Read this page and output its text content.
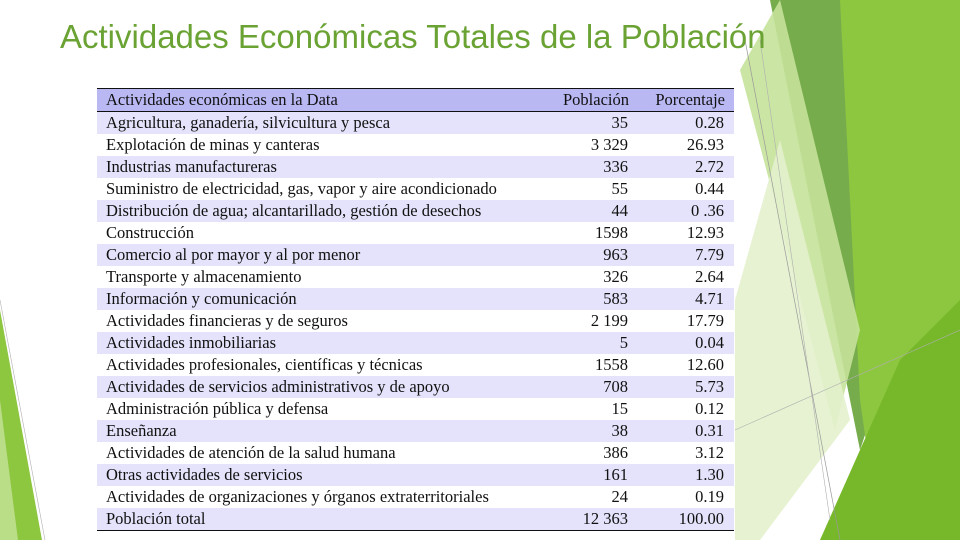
Actividades Económicas Totales de la Población
Actividades económicas en la Data	Población	Porcentaje
Agricultura, ganadería, silvicultura y pesca	35	0.28
Explotación de minas y canteras	3 329	26.93
Industrias manufactureras	336	2.72
Suministro de electricidad, gas, vapor y aire acondicionado	55	0.44
Distribución de agua; alcantarillado, gestión de desechos	44	0 .36
Construcción	1598	12.93
Comercio al por mayor y al por menor	963	7.79
Transporte y almacenamiento	326	2.64
Información y comunicación	583	4.71
Actividades financieras y de seguros	2 199	17.79
Actividades inmobiliarias	5	0.04
Actividades profesionales, científicas y técnicas	1558	12.60
Actividades de servicios administrativos y de apoyo	708	5.73
Administración pública y defensa	15	0.12
Enseñanza	38	0.31
Actividades de atención de la salud humana	386	3.12
Otras actividades de servicios	161	1.30
Actividades de organizaciones y órganos extraterritoriales	24	0.19
Población total	12 363	100.00
